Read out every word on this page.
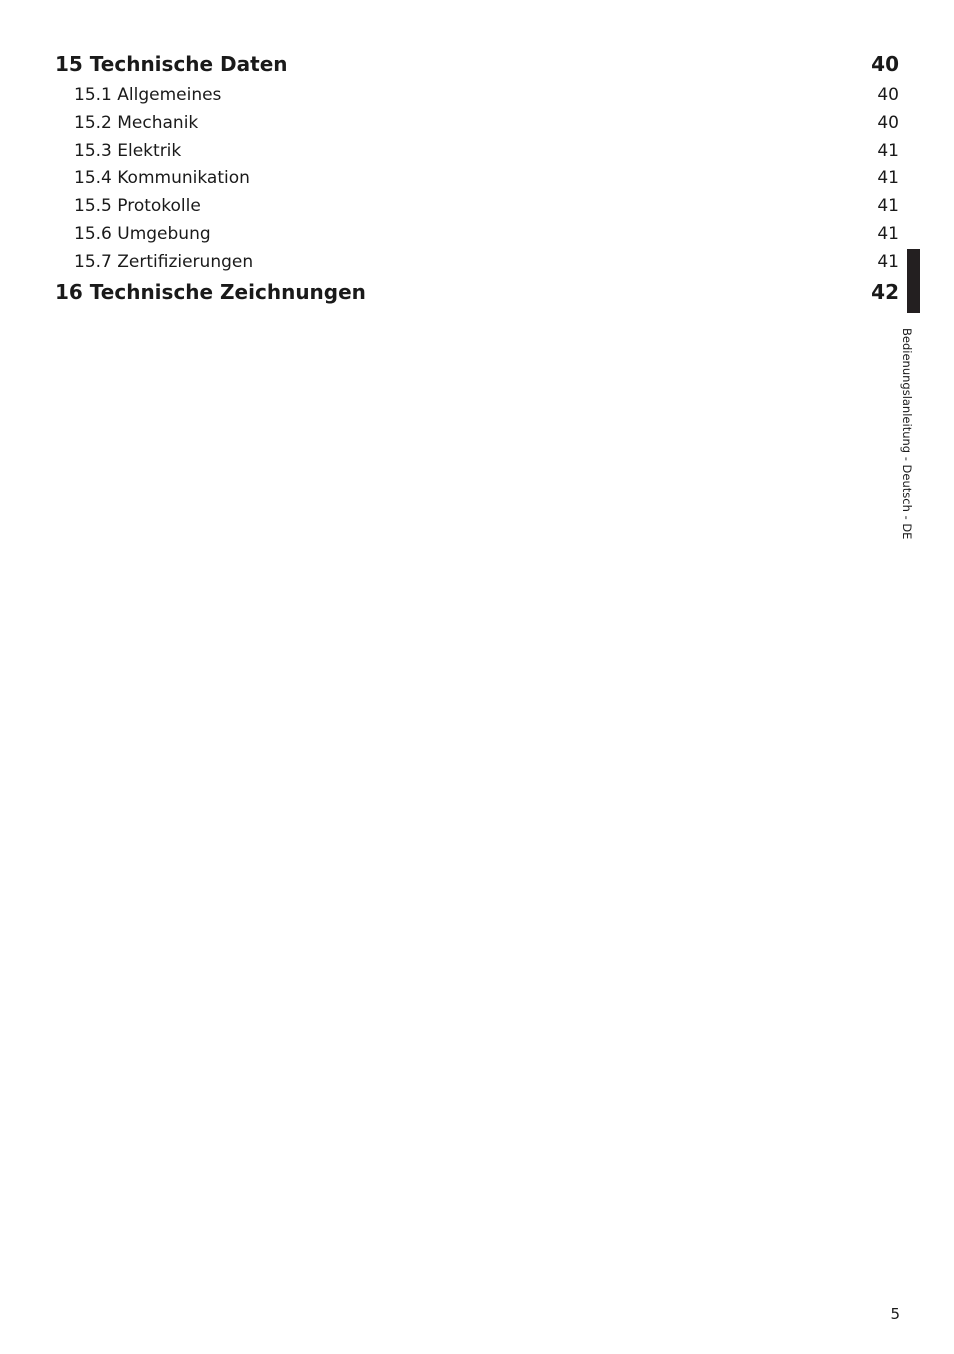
15 Technische Daten	40
15.1 Allgemeines	40
15.2 Mechanik	40
15.3 Elektrik	41
15.4 Kommunikation	41
15.5 Protokolle	41
15.6 Umgebung	41
15.7 Zertifizierungen	41
16 Technische Zeichnungen	42
Bedienungslanleitung - Deutsch - DE
5
